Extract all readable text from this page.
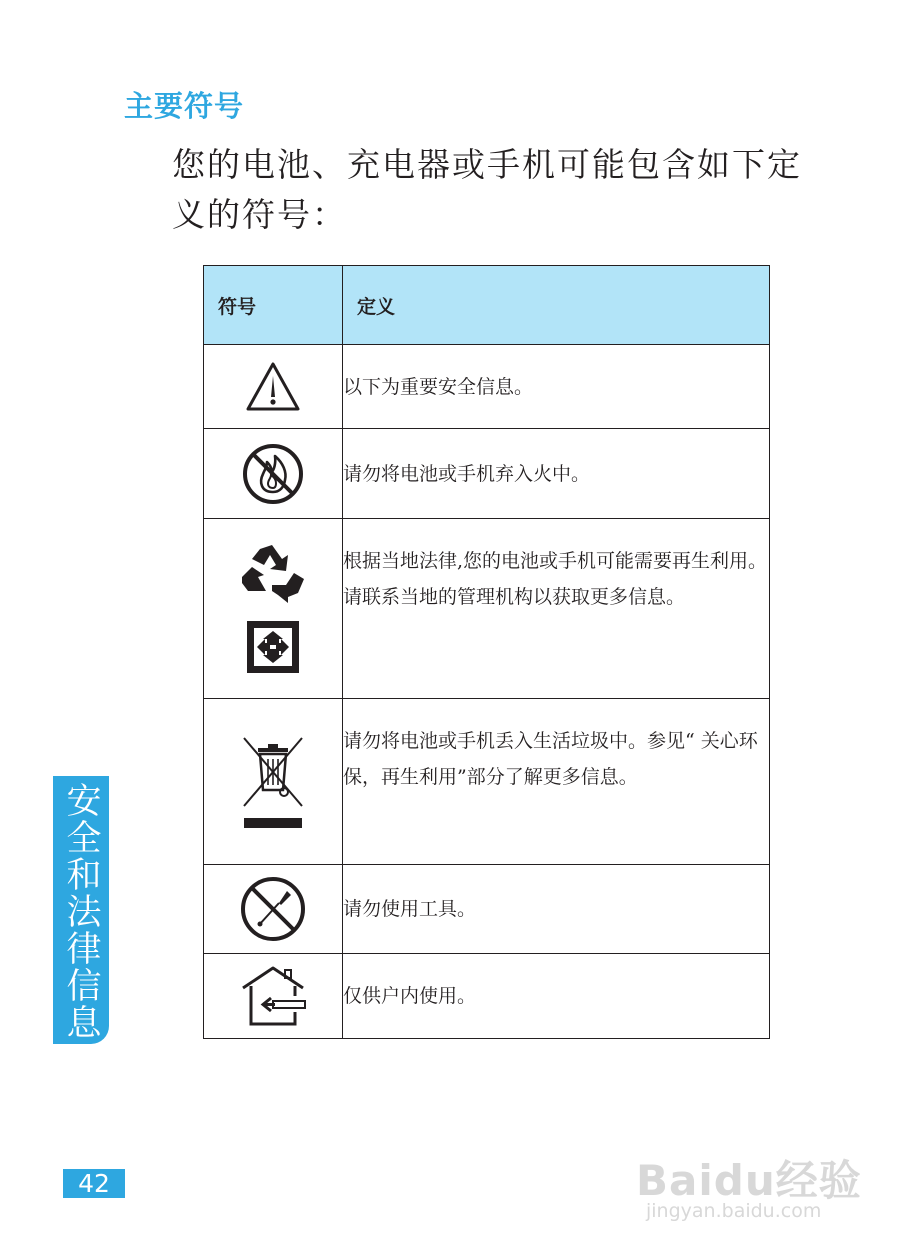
主要符号
您的电池、充电器或手机可能包含如下定义的符号：
符号	定义

	以下为重要安全信息。

	请勿将电池或手机弃入火中。

	根据当地法律,您的电池或手机可能需要再生利用。请联系当地的管理机构以获取更多信息。

	请勿将电池或手机丢入生活垃圾中。参见“ 关心环保，再生利用”部分了解更多信息。

	请勿使用工具。

	仅供户内使用。
安全和法律信息
42	Baidu经验
jingyan.baidu.com
